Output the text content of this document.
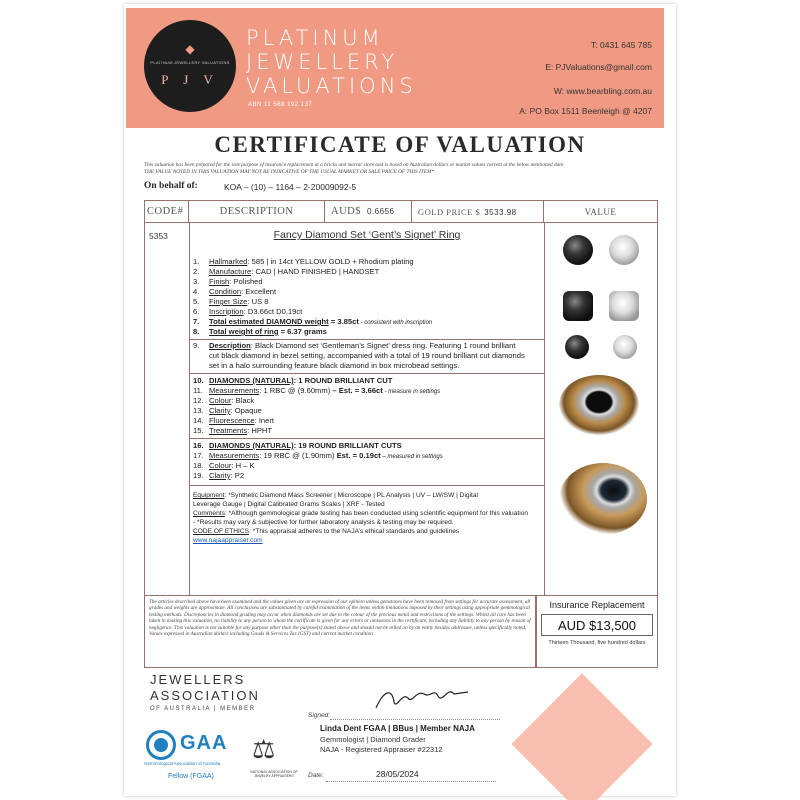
◆
PLATINUM JEWELLERY VALUATIONS
P J V
PLATINUM
JEWELLERY
VALUATIONS
ABN 11 588 192 137
T: 0431 645 785
E: PJValuations@gmail.com
W: www.bearbling.com.au
A: PO Box 1511 Beenleigh @ 4207
CERTIFICATE OF VALUATION
This valuation has been prepared for the sole purpose of insurance replacement at a bricks and mortar store and is based on Australian dollars or market values current at the below mentioned date.
THE VALUE NOTED IN THIS VALUATION MAY NOT BE INDICATIVE OF THE USUAL MARKET OR SALE PRICE OF THIS ITEM*
On behalf of:	KOA – (10) – 1164 – 2-20009092-5
CODE#	DESCRIPTION	AUD$ 0.6656	GOLD PRICE $ 3533.98	VALUE
5353	Fancy Diamond Set ‘Gent’s Signet’ Ring
1. Hallmarked: 585 | in 14ct YELLOW GOLD + Rhodium plating
2. Manufacture: CAD | HAND FINISHED | HANDSET
3. Finish: Polished
4. Condition: Excellent
5. Finger Size: US 8
6. Inscription: D3.66ct D0.19ct
7. Total estimated DIAMOND weight = 3.85ct - consistent with inscription
8. Total weight of ring = 6.37 grams
9. Description: Black Diamond set ‘Gentleman’s Signet’ dress ring. Featuring 1 round brilliant
cut black diamond in bezel setting, accompanied with a total of 19 round brilliant cut diamonds
set in a halo surrounding feature black diamond in box microbead settings.
10. DIAMONDS (NATURAL): 1 ROUND BRILLIANT CUT
11. Measurements: 1 RBC @ (9.60mm) – Est. = 3.66ct - measure in settings
12. Colour: Black
13. Clarity: Opaque
14. Fluorescence: Inert
15. Treatments: HPHT
16. DIAMONDS (NATURAL): 19 ROUND BRILLIANT CUTS
17. Measurements: 19 RBC @ (1.90mm) Est. = 0.19ct – measured in settings
18. Colour: H – K
19. Clarity: P2
Equipment: *Synthetic Diamond Mass Screener | Microscope | PL Analysis | UV – LW/SW | Digital
Leverage Gauge | Digital Calibrated Grams Scales | XRF - Tested
Comments: *Although gemmological grade testing has been conducted using scientific equipment for this valuation
- *Results may vary & subjective for further laboratory analysis & testing may be required.
CODE OF ETHICS: *This appraisal adheres to the NAJA’s ethical standards and guidelines
www.najaappraiser.com
The articles described above have been examined and the values given are an expression of our opinion unless gemstones have been removed from settings for accurate assessment, all grades and weights are approximate. All conclusions are substantiated by careful examination of the items within limitations imposed by their settings using appropriate gemmological testing methods. Discrepancies in diamond grading may occur when diamonds are set due to the colour of the precious metal and restrictions of the settings. Whilst all care has been taken in making this valuation, no liability to any person to whom the certificate is given for any errors or omissions in the certificate, including any liability to any person by reason of negligence. This valuation is not suitable for any purpose other than the purpose(s) stated above and should not be relied on by an entity besides addressee, unless specifically noted. Values expressed in Australian dollars including Goods & Services Tax (GST) and current market condition.
Insurance Replacement
AUD $13,500
Thirteen Thousand, five hundred dollars
JEWELLERS
ASSOCIATION
OF AUSTRALIA | MEMBER
GAA
Gemmological Association of Australia
Fellow (FGAA)
⚖
NATIONAL ASSOCIATION OF JEWELRY APPRAISERS
Signed:
Linda Dent FGAA | BBus | Member NAJA
Gemmologist | Diamond Grader
NAJA - Registered Appraiser #22312
Date:	28/05/2024
